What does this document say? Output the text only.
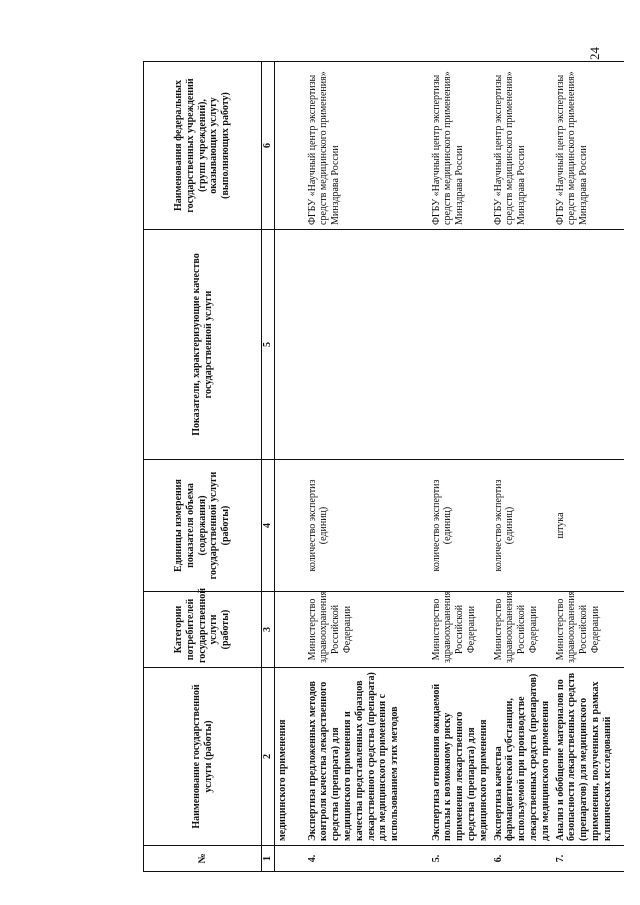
24
№	Наименование государственной услуги (работы)	Категории потребителей государственной услуги (работы)	Единицы измерения показателя объема (содержания) государственной услуги (работы)	Показатели, характеризующие качество государственной услуги	Наименования федеральных государственных учреждений (групп учреждений), оказывающих услугу (выполняющих работу)
1	2	3	4	5	6
	медицинского применения				

4.	Экспертиза предложенных методов контроля качества лекарственного средства (препарата) для медицинского применения и качества представленных образцов лекарственного средства (препарата) для медицинского применения с использованием этих методов	Министерство здравоохранения Российской Федерации	количество экспертиз (единиц)		ФГБУ «Научный центр экспертизы средств медицинского применения» Минздрава России

5.	Экспертиза отношения ожидаемой пользы к возможному риску применения лекарственного средства (препарата) для медицинского применения	Министерство здравоохранения Российской Федерации	количество экспертиз (единиц)		ФГБУ «Научный центр экспертизы средств медицинского применения» Минздрава России
6.	Экспертиза качества фармацевтической субстанции, используемой при производстве лекарственных средств (препаратов) для медицинского применения	Министерство здравоохранения Российской Федерации	количество экспертиз (единиц)		ФГБУ «Научный центр экспертизы средств медицинского применения» Минздрава России
7.	Анализ и обобщение материалов по безопасности лекарственных средств (препаратов) для медицинского применения, полученных в рамках клинических исследований	Министерство здравоохранения Российской Федерации	штука		ФГБУ «Научный центр экспертизы средств медицинского применения» Минздрава России
